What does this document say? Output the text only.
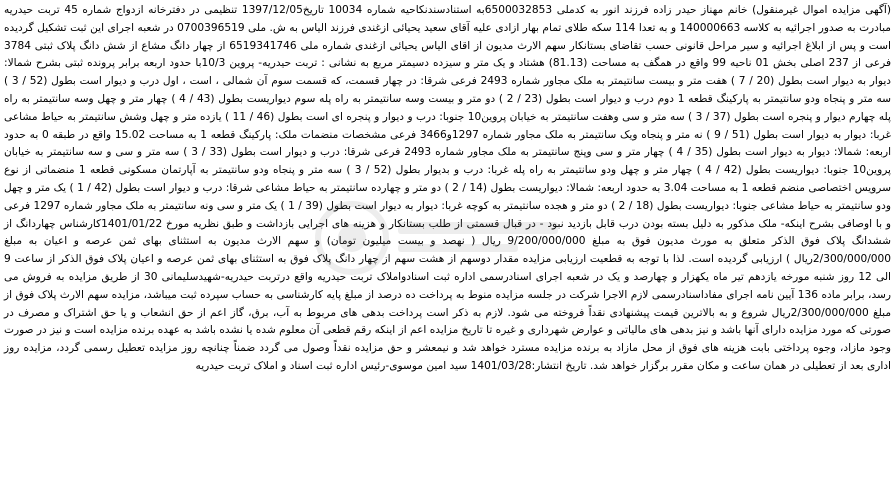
(آگهی مزایده اموال غیرمنقول) خانم مهناز حیدر زاده فرزند انور به کدملی 6500032853به استنادسندنکاحیه شماره 10034 تاریخ1397/12/05 تنظیمی در دفترخانه ازدواج شماره 45 تربت حیدریه مبادرت به صدور اجرائیه به کلاسه 140000663 و به تعدا 114 سکه طلای تمام بهار ازادی علیه آقای سعید یحیائی ازغندی فرزند الیاس به ش. ملی 0700396519 در شعبه اجرای این ثبت تشکیل گردیده است و پس از ابلاغ اجرائیه و سیر مراحل قانونی حسب تقاضای بستانکار سهم الارث مدیون از اقای الیاس یحیائی ازغندی شماره ملی 6519341746 از چهار دانگ مشاع از شش دانگ پلاک ثبتی 3784 فرعی از 237 اصلی بخش 01 ناحیه 99 واقع در همگف به مساحت (81.13) هشتاد و یک متر و سیزده دسیمتر مربع به نشانی : تربت حیدریه- پروین 10/3با حدود اربعه برابر پرونده ثبتی بشرح شمالا: دیوار به دیوار است بطول (20 / 7 ) هفت متر و بیست سانتیمتر به ملک مجاور شماره 2493 فرعی شرقا: در چهار قسمت، که قسمت سوم آن شمالی ، است ، اول درب و دیوار است بطول (52 / 3 ) سه متر و پنجاه ودو سانتیمتر به پارکینگ قطعه 1 دوم درب و دیوار است بطول (23 / 2 ) دو متر و بیست وسه سانتیمتر به راه پله سوم دیواریست بطول (43 / 4 ) چهار متر و چهل وسه سانتیمتر به راه پله چهارم دیوار و پنجره است بطول (37 / 3 ) سه متر و سی وهفت سانتیمتر به خیابان پروین10 جنوبا: درب و دیوار و پنجره ای است بطول (46 / 11 ) یازده متر و چهل وشش سانتیمتر به حیاط مشاعی غربا: دیوار به دیوار است بطول (51 / 9 ) نه متر و پنجاه ویک سانتیمتر به ملک مجاور شماره 1297و3466 فرعی مشخصات منضمات ملک: پارکینگ قطعه 1 به مساحت 15.02 واقع در طبقه 0 به حدود اربعه: شمالا: دیوار به دیوار است بطول (35 / 4 ) چهار متر و سی وپنج سانتیمتر به ملک مجاور شماره 2493 فرعی شرقا: درب و دیوار است بطول (33 / 3 ) سه متر و سی و سه سانتیمتر به خیابان پروین10 جنوبا: دیواریست بطول (42 / 4 ) چهار متر و چهل ودو سانتیمتر به راه پله غربا: درب و بدیوار بطول (52 / 3 ) سه متر و پنجاه ودو سانتیمتر به آپارتمان مسکونی قطعه 1 منضماتی از نوع سرویس اختصاصی منضم قطعه 1 به مساحت 3.04 به حدود اربعه: شمالا: دیواریست بطول (14 / 2 ) دو متر و چهارده سانتیمتر به حیاط مشاعی شرقا: درب و دیوار است بطول (42 / 1 ) یک متر و چهل ودو سانتیمتر به حیاط مشاعی جنوبا: دیواریست بطول (18 / 2 ) دو متر و هجده سانتیمتر به کوچه غربا: دیوار به دیوار است بطول (39 / 1 ) یک متر و سی ونه سانتیمتر به ملک مجاور شماره 1297 فرعی و با اوصافی بشرح اینکه- ملک مذکور به دلیل بسته بودن درب قابل بازدید نبود - در قبال قسمتی از طلب بستانکار و هزینه های اجرایی بازداشت و طبق نظریه مورخ 1401/01/22کارشناس چهاردانگ از ششدانگ پلاک فوق الذکر متعلق به مورث مدیون فوق به مبلغ 9/200/000/000 ریال ( نهصد و بیست میلیون تومان) و سهم الارث مدیون به استثنای بهای ثمن عرصه و اعیان به مبلغ 2/300/000/000ریال ) ارزیابی گردیده است. لذا با توجه به قطعیت ارزیابی مزایده مقدار دوسهم از هشت سهم از چهار دانگ پلاک فوق به استثنای بهای ثمن عرصه و اعیان پلاک فوق الذکر از ساعت 9 الی 12 روز شنبه مورخه یازدهم تیر ماه یکهزار و چهارصد و یک در شعبه اجرای اسنادرسمی اداره ثبت اسنادواملاک تربت حیدریه واقع درتربت حیدریه-شهیدسلیمانی 30 از طریق مزایده به فروش می رسد، برابر ماده 136 آیین نامه اجرای مفاداسنادرسمی لازم الاجرا شرکت در جلسه مزایده منوط به پرداخت ده درصد از مبلغ پایه کارشناسی به حساب سپرده ثبت میباشد، مزایده سهم الارث پلاک فوق از مبلغ 2/300/000/000ریال شروع و به بالاترین قیمت پیشنهادی نقداً فروخته می شود. لازم به ذکر است پرداخت بدهی های مربوط به آب، برق، گاز اعم از حق انشعاب و یا حق اشتراک و مصرف در صورتی که مورد مزایده دارای آنها باشد و نیز بدهی های مالیاتی و عوارض شهرداری و غیره تا تاریخ مزایده اعم از اینکه رقم قطعی آن معلوم شده یا نشده باشد به عهده برنده مزایده است و نیز در صورت وجود مازاد، وجوه پرداختی بابت هزینه های فوق از محل مازاد به برنده مزایده مسترد خواهد شد و نیمعشر و حق مزایده نقداً وصول می گردد ضمناً چنانچه روز مزایده تعطیل رسمی گردد، مزایده روز اداری بعد از تعطیلی در همان ساعت و مکان مقرر برگزار خواهد شد. تاریخ انتشار:1401/03/28 سید امین موسوی-رئیس اداره ثبت اسناد و املاک تربت حیدریه
